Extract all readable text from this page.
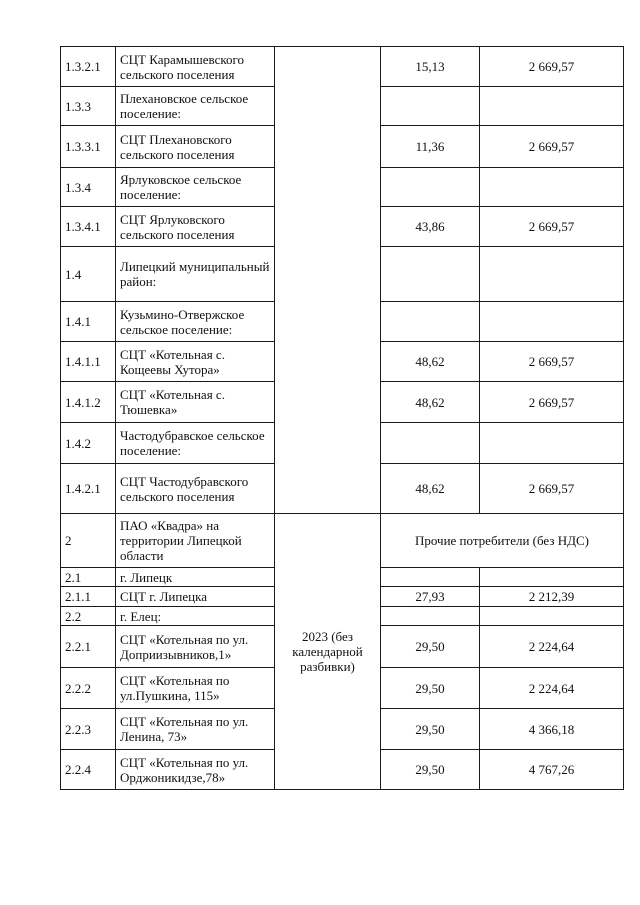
1.3.2.1	СЦТ Карамышевского сельского поселения		15,13	2 669,57
1.3.3	Плехановское сельское поселение:			
1.3.3.1	СЦТ Плехановского сельского поселения		11,36	2 669,57
1.3.4	Ярлуковское сельское поселение:			
1.3.4.1	СЦТ Ярлуковского сельского поселения		43,86	2 669,57
1.4	Липецкий муниципальный район:			
1.4.1	Кузьмино-Отвержское сельское поселение:			
1.4.1.1	СЦТ «Котельная с. Кощеевы Хутора»		48,62	2 669,57
1.4.1.2	СЦТ «Котельная с. Тюшевка»		48,62	2 669,57
1.4.2	Частодубравское сельское поселение:			
1.4.2.1	СЦТ Частодубравского сельского поселения		48,62	2 669,57
2	ПАО «Квадра» на территории Липецкой области	2023 (без календарной разбивки)	Прочие потребители (без НДС)	
2.1	г. Липецк			
2.1.1	СЦТ г. Липецка		27,93	2 212,39
2.2	г. Елец:			
2.2.1	СЦТ «Котельная по ул. Доприизывников,1»		29,50	2 224,64
2.2.2	СЦТ «Котельная по ул.Пушкина, 115»		29,50	2 224,64
2.2.3	СЦТ «Котельная по ул. Ленина, 73»		29,50	4 366,18
2.2.4	СЦТ «Котельная по ул. Орджоникидзе,78»		29,50	4 767,26
